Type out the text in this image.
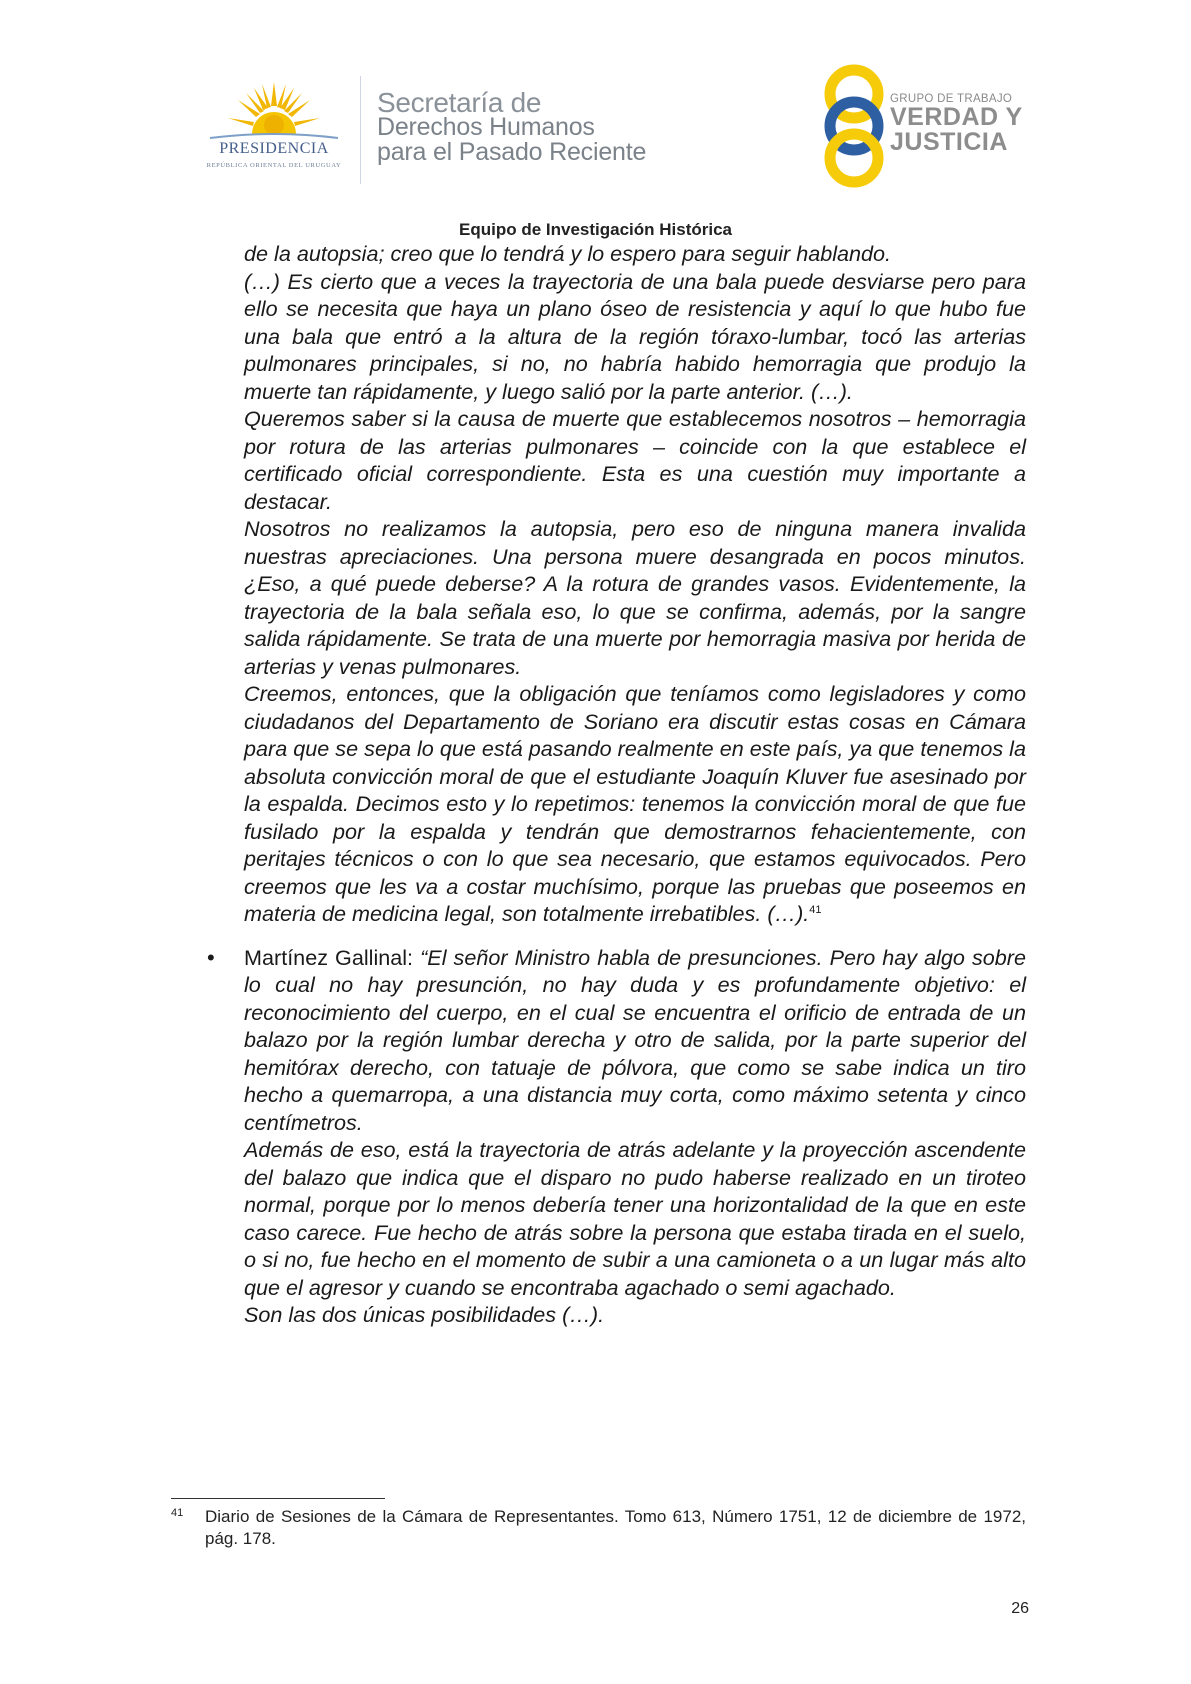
PRESIDENCIA
REPÚBLICA ORIENTAL DEL URUGUAY
Secretaría de
Derechos Humanos
para el Pasado Reciente
GRUPO DE TRABAJO
VERDAD Y
JUSTICIA
Equipo de Investigación Histórica

de la autopsia; creo que lo tendrá y lo espero para seguir hablando.

(…) Es cierto que a veces la trayectoria de una bala puede desviarse pero para ello se necesita que haya un plano óseo de resistencia y aquí lo que hubo fue una bala que entró a la altura de la región tóraxo-lumbar, tocó las arterias pulmonares principales, si no, no habría habido hemorragia que produjo la muerte tan rápidamente, y luego salió por la parte anterior. (…).

Queremos saber si la causa de muerte que establecemos nosotros – hemorragia por rotura de las arterias pulmonares – coincide con la que establece el certificado oficial correspondiente. Esta es una cuestión muy importante a destacar.

Nosotros no realizamos la autopsia, pero eso de ninguna manera invalida nuestras apreciaciones. Una persona muere desangrada en pocos minutos. ¿Eso, a qué puede deberse? A la rotura de grandes vasos. Evidentemente, la trayectoria de la bala señala eso, lo que se confirma, además, por la sangre salida rápidamente. Se trata de una muerte por hemorragia masiva por herida de arterias y venas pulmonares.

Creemos, entonces, que la obligación que teníamos como legisladores y como ciudadanos del Departamento de Soriano era discutir estas cosas en Cámara para que se sepa lo que está pasando realmente en este país, ya que tenemos la absoluta convicción moral de que el estudiante Joaquín Kluver fue asesinado por la espalda. Decimos esto y lo repetimos: tenemos la convicción moral de que fue fusilado por la espalda y tendrán que demostrarnos fehacientemente, con peritajes técnicos o con lo que sea necesario, que estamos equivocados. Pero creemos que les va a costar muchísimo, porque las pruebas que poseemos en materia de medicina legal, son totalmente irrebatibles. (…).$^{41}$

• Martínez Gallinal: “El señor Ministro habla de presunciones. Pero hay algo sobre lo cual no hay presunción, no hay duda y es profundamente objetivo: el reconocimiento del cuerpo, en el cual se encuentra el orificio de entrada de un balazo por la región lumbar derecha y otro de salida, por la parte superior del hemitórax derecho, con tatuaje de pólvora, que como se sabe indica un tiro hecho a quemarropa, a una distancia muy corta, como máximo setenta y cinco centímetros.

Además de eso, está la trayectoria de atrás adelante y la proyección ascendente del balazo que indica que el disparo no pudo haberse realizado en un tiroteo normal, porque por lo menos debería tener una horizontalidad de la que en este caso carece. Fue hecho de atrás sobre la persona que estaba tirada en el suelo, o si no, fue hecho en el momento de subir a una camioneta o a un lugar más alto que el agresor y cuando se encontraba agachado o semi agachado.

Son las dos únicas posibilidades (…).

41 Diario de Sesiones de la Cámara de Representantes. Tomo 613, Número 1751, 12 de diciembre de 1972, pág. 178.
26
